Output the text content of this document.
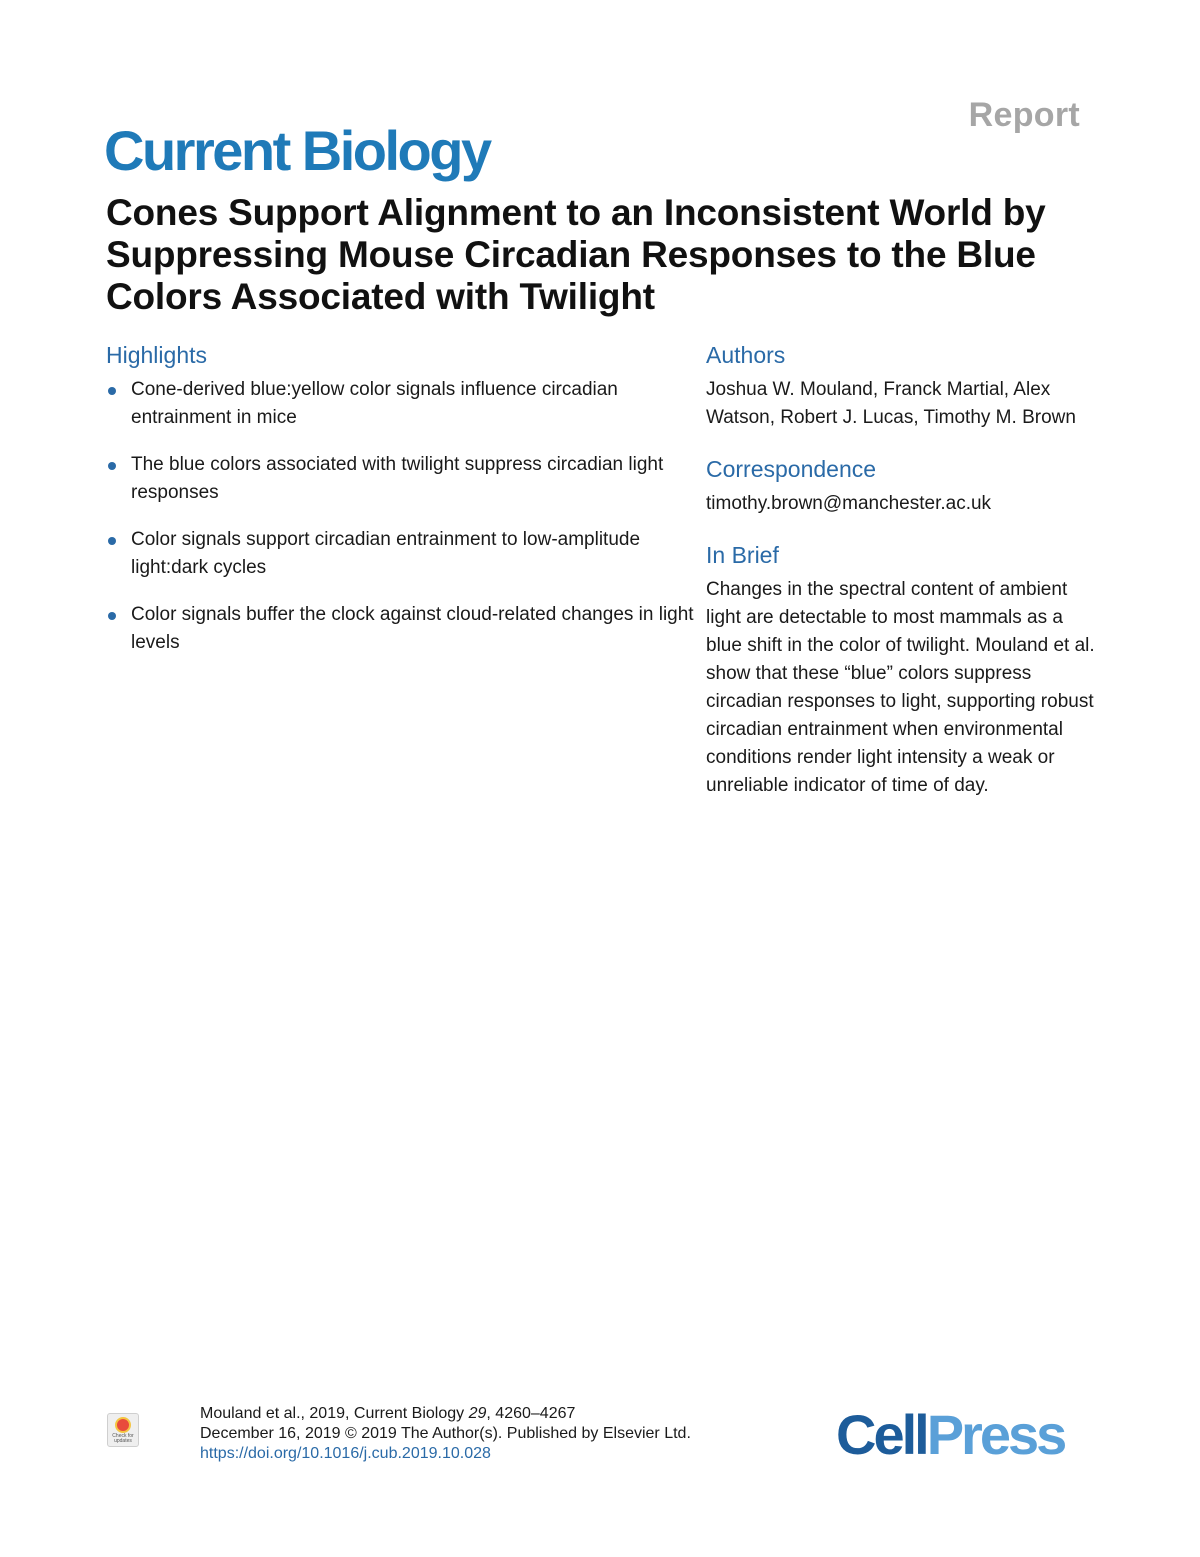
Report
Current Biology
Cones Support Alignment to an Inconsistent World by Suppressing Mouse Circadian Responses to the Blue Colors Associated with Twilight
Highlights
Cone-derived blue:yellow color signals influence circadian entrainment in mice
The blue colors associated with twilight suppress circadian light responses
Color signals support circadian entrainment to low-amplitude light:dark cycles
Color signals buffer the clock against cloud-related changes in light levels
Authors

Joshua W. Mouland, Franck Martial, Alex Watson, Robert J. Lucas, Timothy M. Brown

Correspondence

timothy.brown@manchester.ac.uk

In Brief

Changes in the spectral content of ambient light are detectable to most mammals as a blue shift in the color of twilight. Mouland et al. show that these “blue” colors suppress circadian responses to light, supporting robust circadian entrainment when environmental conditions render light intensity a weak or unreliable indicator of time of day.

Check for updates
Mouland et al., 2019, Current Biology 29, 4260–4267
December 16, 2019 © 2019 The Author(s). Published by Elsevier Ltd.
https://doi.org/10.1016/j.cub.2019.10.028	CellPress
